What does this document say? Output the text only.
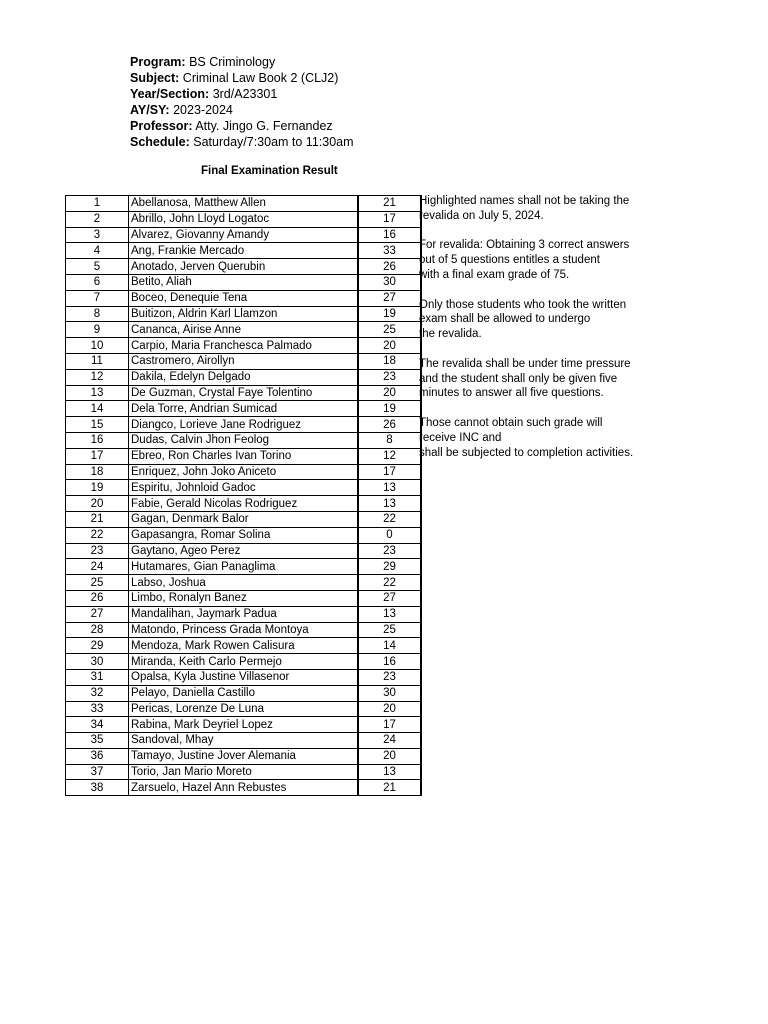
Program: BS Criminology
Subject: Criminal Law Book 2 (CLJ2)
Year/Section: 3rd/A23301
AY/SY: 2023-2024
Professor: Atty. Jingo G. Fernandez
Schedule: Saturday/7:30am to 11:30am
Final Examination Result
1	Abellanosa, Matthew Allen	21
2	Abrillo, John Lloyd Logatoc	17
3	Alvarez, Giovanny Amandy	16
4	Ang, Frankie Mercado	33
5	Anotado, Jerven Querubin	26
6	Betito, Aliah	30
7	Boceo, Denequie Tena	27
8	Buitizon, Aldrin Karl Llamzon	19
9	Cananca, Airise Anne	25
10	Carpio, Maria Franchesca Palmado	20
11	Castromero, Airollyn	18
12	Dakila, Edelyn Delgado	23
13	De Guzman, Crystal Faye Tolentino	20
14	Dela Torre, Andrian Sumicad	19
15	Diangco, Lorieve Jane Rodriguez	26
16	Dudas, Calvin Jhon Feolog	8
17	Ebreo, Ron Charles Ivan Torino	12
18	Enriquez, John Joko Aniceto	17
19	Espiritu, Johnloid Gadoc	13
20	Fabie, Gerald Nicolas Rodriguez	13
21	Gagan, Denmark Balor	22
22	Gapasangra, Romar Solina	0
23	Gaytano, Ageo Perez	23
24	Hutamares, Gian Panaglima	29
25	Labso, Joshua	22
26	Limbo, Ronalyn Banez	27
27	Mandalihan, Jaymark Padua	13
28	Matondo, Princess Grada Montoya	25
29	Mendoza, Mark Rowen Calisura	14
30	Miranda, Keith Carlo Permejo	16
31	Opalsa, Kyla Justine Villasenor	23
32	Pelayo, Daniella Castillo	30
33	Pericas, Lorenze De Luna	20
34	Rabina, Mark Deyriel Lopez	17
35	Sandoval, Mhay	24
36	Tamayo, Justine Jover Alemania	20
37	Torio, Jan Mario Moreto	13
38	Zarsuelo, Hazel Ann Rebustes	21

Highlighted names shall not be taking the
revalida on July 5, 2024.

For revalida: Obtaining 3 correct answers
out of 5 questions entitles a student
with a final exam grade of 75.

Only those students who took the written
exam shall be allowed to undergo
the revalida.

The revalida shall be under time pressure
and the student shall only be given five
minutes to answer all five questions.

Those cannot obtain such grade will
receive INC and
shall be subjected to completion activities.
